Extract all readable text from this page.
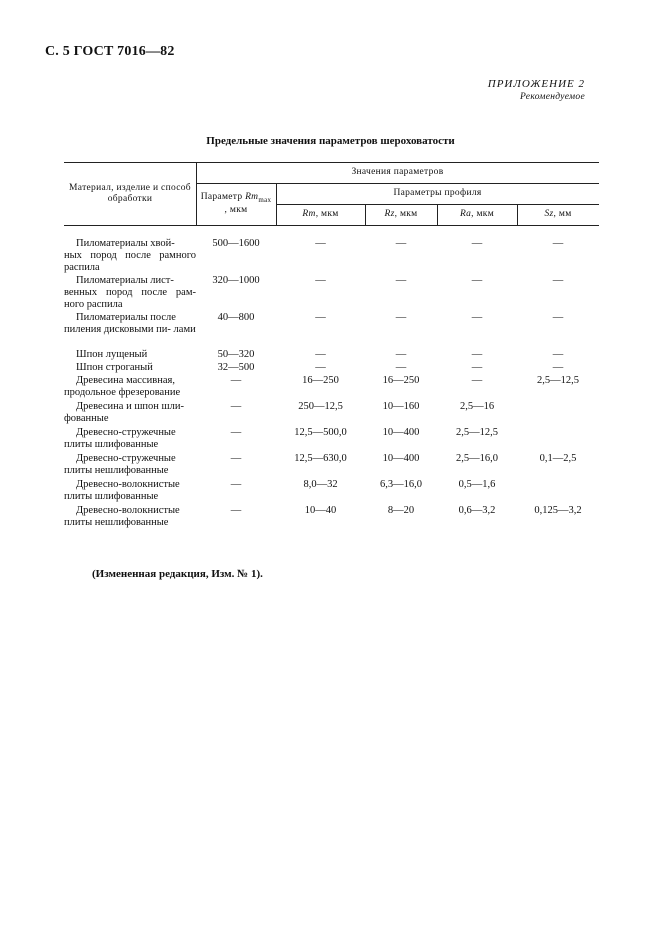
С. 5 ГОСТ 7016—82
ПРИЛОЖЕНИЕ 2
Рекомендуемое
Предельные значения параметров шероховатости
Материал, изделие и способ обработки
Значения параметров
Параметр $Rm_{max}$
, мкм
Параметры профиля
Rm , мкм	Rz , мкм	Ra , мкм	Sz , мм
Пиломатериалы хвой-
ных пород после рамного распила
500—1600	—	—	—	—
Пиломатериалы лист-
венных пород после рам- ного распила
320—1000	—	—	—	—
Пиломатериалы после
пиления дисковыми пи- лами
40—800	—	—	—	—
Шпон лущеный	50—320	—	—	—	—
Шпон строганый	32—500	—	—	—	—
Древесина массивная,
продольное фрезерование
—	16—250	16—250	—	2,5—12,5
Древесина и шпон шли-
фованные
—	250—12,5	10—160	2,5—16
Древесно-стружечные
плиты шлифованные
—	12,5—500,0	10—400	2,5—12,5
Древесно-стружечные
плиты нешлифованные
—	12,5—630,0	10—400	2,5—16,0	0,1—2,5
Древесно-волокнистые
плиты шлифованные
—	8,0—32	6,3—16,0	0,5—1,6
Древесно-волокнистые
плиты нешлифованные
—	10—40	8—20	0,6—3,2	0,125—3,2
(Измененная редакция, Изм. № 1).
